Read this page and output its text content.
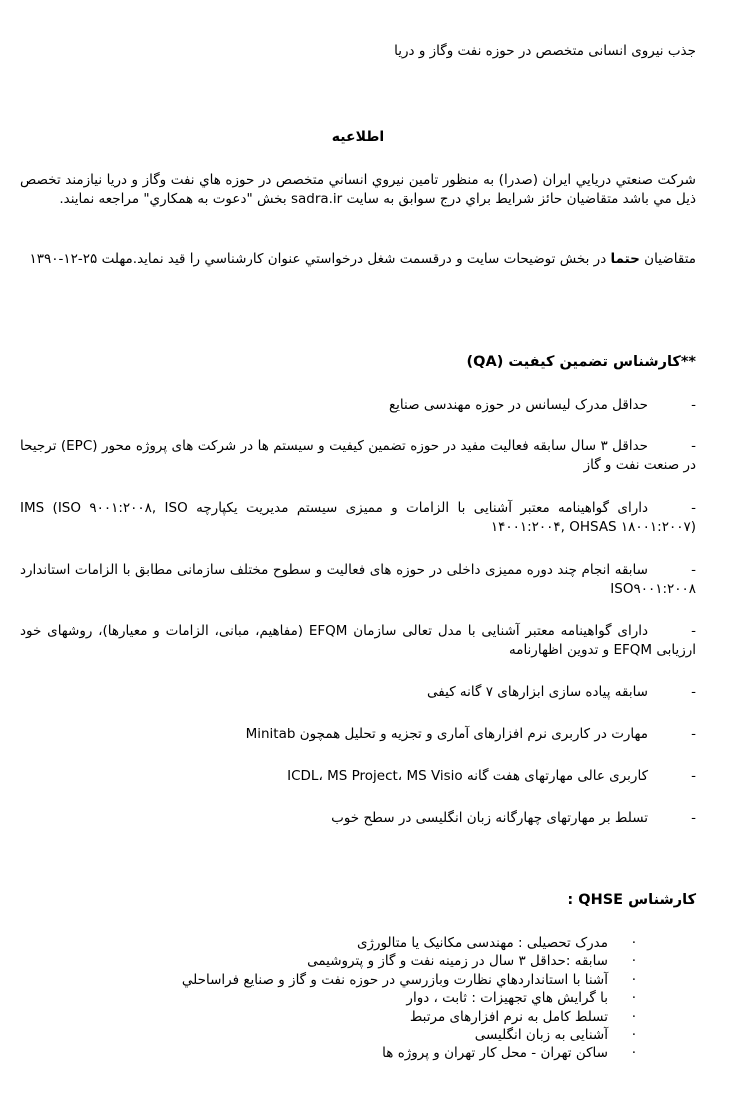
جذب نیروی انسانی متخصص در حوزه نفت وگاز و دریا

اطلاعیه

شرکت صنعتي دريايي ايران (صدرا) به منظور تامين نيروي انساني متخصص در حوزه هاي نفت وگاز و دريا نيازمند تخصص ذيل مي باشد متقاضيان حائز شرايط براي درج سوابق به سايت sadra.ir بخش "دعوت به همکاري" مراجعه نمايند.

متقاضيان حتما در بخش توضیحات سایت و درقسمت شغل درخواستي عنوان کارشناسي را قيد نمايد.مهلت ۲۵-۱۲-۱۳۹۰

**کارشناس تضمین کیفیت (QA)

-حداقل مدرک لیسانس در حوزه مهندسی صنایع
-حداقل ۳ سال سابقه فعالیت مفید در حوزه تضمین کیفیت و سیستم ها در شرکت های پروژه محور (EPC) ترجیحا در صنعت نفت و گاز
-دارای گواهینامه معتبر آشنایی با الزامات و ممیزی سیستم مدیریت یکپارچه IMS (ISO ۹۰۰۱:۲۰۰۸, ISO ۱۴۰۰۱:۲۰۰۴, OHSAS ۱۸۰۰۱:۲۰۰۷)
-سابقه انجام چند دوره ممیزی داخلی در حوزه های فعالیت و سطوح مختلف سازمانی مطابق با الزامات استاندارد ISO۹۰۰۱:۲۰۰۸
-دارای گواهینامه معتبر آشنایی با مدل تعالی سازمان EFQM (مفاهیم، مبانی، الزامات و معیارها)، روشهای خود ارزیابی EFQM و تدوین اظهارنامه
-سابقه پیاده سازی ابزارهای ۷ گانه کیفی
-مهارت در کاربری نرم افزارهای آماری و تجزیه و تحلیل همچون Minitab
-کاربری عالی مهارتهای هفت گانه ICDL، MS Project، MS Visio
-تسلط بر مهارتهای چهارگانه زبان انگلیسی در سطح خوب

کارشناس QHSE :

·
مدرک تحصيلی : مهندسی مکانيک يا متالورژی
·
سابقه :حداقل ۳ سال در زمينه نفت و گاز و پتروشيمی
·
آشنا با استانداردهاي نظارت وبازرسي در حوزه نفت و گاز و صنايع فراساحلي
·
با گرايش هاي تجهيزات : ثابت ، دوار
·
تسلط کامل به نرم افزارهای مرتبط
·
آشنايی به زبان انگليسی
·
ساکن تهران - محل کار تهران و پروژه ها
